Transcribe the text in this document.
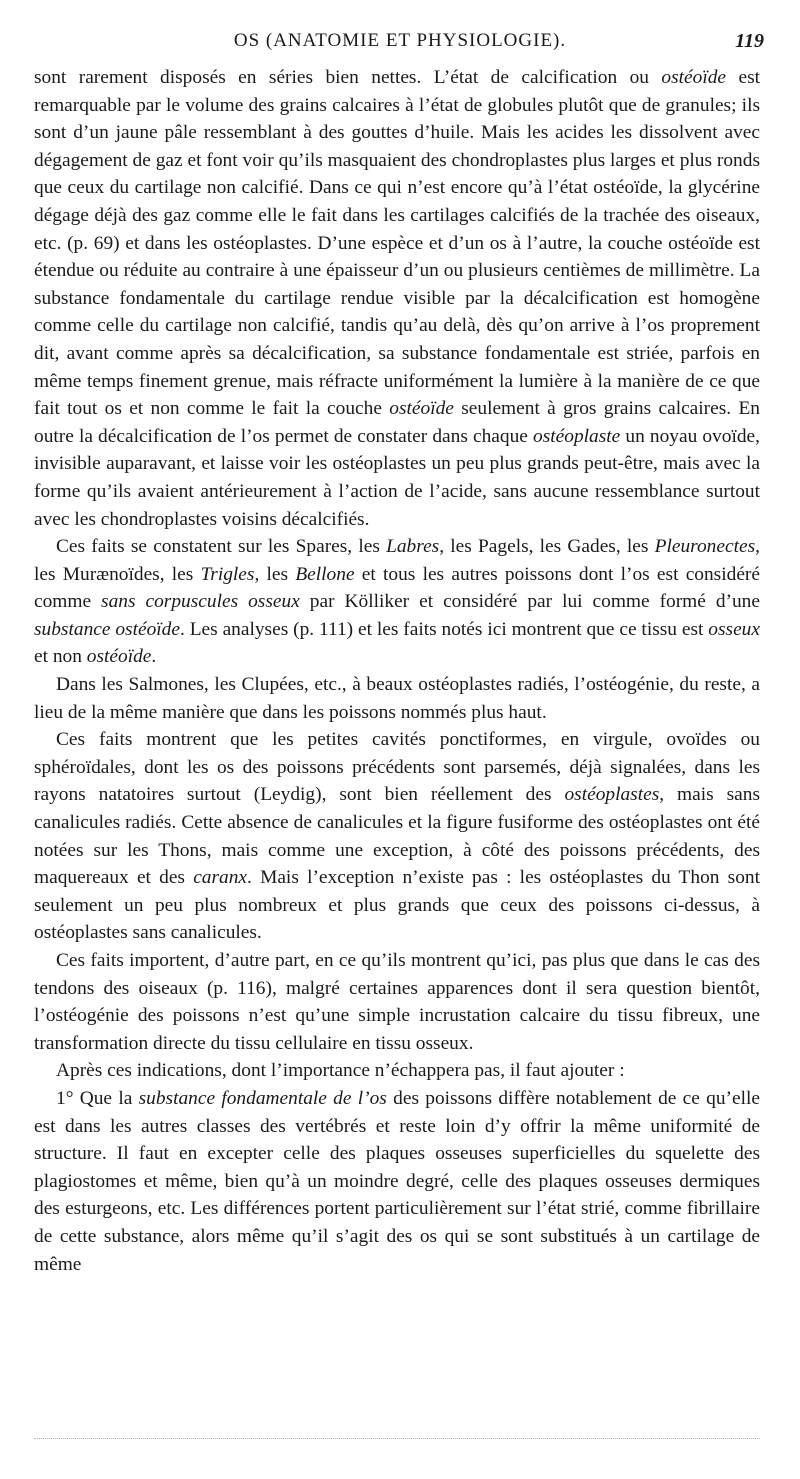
OS (ANATOMIE ET PHYSIOLOGIE).	119

sont rarement disposés en séries bien nettes. L’état de calcification ou ostéoïde est remarquable par le volume des grains calcaires à l’état de globules plutôt que de granules; ils sont d’un jaune pâle ressemblant à des gouttes d’huile. Mais les acides les dissolvent avec dégagement de gaz et font voir qu’ils masquaient des chondroplastes plus larges et plus ronds que ceux du cartilage non calcifié. Dans ce qui n’est encore qu’à l’état ostéoïde, la glycérine dégage déjà des gaz comme elle le fait dans les cartilages calcifiés de la trachée des oiseaux, etc. (p. 69) et dans les ostéoplastes. D’une espèce et d’un os à l’autre, la couche ostéoïde est étendue ou réduite au contraire à une épaisseur d’un ou plusieurs centièmes de millimètre. La substance fondamentale du cartilage rendue visible par la décalcification est homogène comme celle du cartilage non calcifié, tandis qu’au delà, dès qu’on arrive à l’os proprement dit, avant comme après sa décalcification, sa substance fondamentale est striée, parfois en même temps finement grenue, mais réfracte uniformément la lumière à la manière de ce que fait tout os et non comme le fait la couche ostéoïde seulement à gros grains calcaires. En outre la décalcification de l’os permet de constater dans chaque ostéoplaste un noyau ovoïde, invisible auparavant, et laisse voir les ostéoplastes un peu plus grands peut-être, mais avec la forme qu’ils avaient antérieurement à l’action de l’acide, sans aucune ressemblance surtout avec les chondroplastes voisins décalcifiés.

Ces faits se constatent sur les Spares, les Labres, les Pagels, les Gades, les Pleuronectes, les Murænoïdes, les Trigles, les Bellone et tous les autres poissons dont l’os est considéré comme sans corpuscules osseux par Kölliker et considéré par lui comme formé d’une substance ostéoïde. Les analyses (p. 111) et les faits notés ici montrent que ce tissu est osseux et non ostéoïde.

Dans les Salmones, les Clupées, etc., à beaux ostéoplastes radiés, l’ostéogénie, du reste, a lieu de la même manière que dans les poissons nommés plus haut.

Ces faits montrent que les petites cavités ponctiformes, en virgule, ovoïdes ou sphéroïdales, dont les os des poissons précédents sont parsemés, déjà signalées, dans les rayons natatoires surtout (Leydig), sont bien réellement des ostéoplastes, mais sans canalicules radiés. Cette absence de canalicules et la figure fusiforme des ostéoplastes ont été notées sur les Thons, mais comme une exception, à côté des poissons précédents, des maquereaux et des caranx. Mais l’exception n’existe pas : les ostéoplastes du Thon sont seulement un peu plus nombreux et plus grands que ceux des poissons ci-dessus, à ostéoplastes sans canalicules.

Ces faits importent, d’autre part, en ce qu’ils montrent qu’ici, pas plus que dans le cas des tendons des oiseaux (p. 116), malgré certaines apparences dont il sera question bientôt, l’ostéogénie des poissons n’est qu’une simple incrustation calcaire du tissu fibreux, une transformation directe du tissu cellulaire en tissu osseux.

Après ces indications, dont l’importance n’échappera pas, il faut ajouter :

1° Que la substance fondamentale de l’os des poissons diffère notablement de ce qu’elle est dans les autres classes des vertébrés et reste loin d’y offrir la même uniformité de structure. Il faut en excepter celle des plaques osseuses superficielles du squelette des plagiostomes et même, bien qu’à un moindre degré, celle des plaques osseuses dermiques des esturgeons, etc. Les différences portent particulièrement sur l’état strié, comme fibrillaire de cette substance, alors même qu’il s’agit des os qui se sont substitués à un cartilage de même
